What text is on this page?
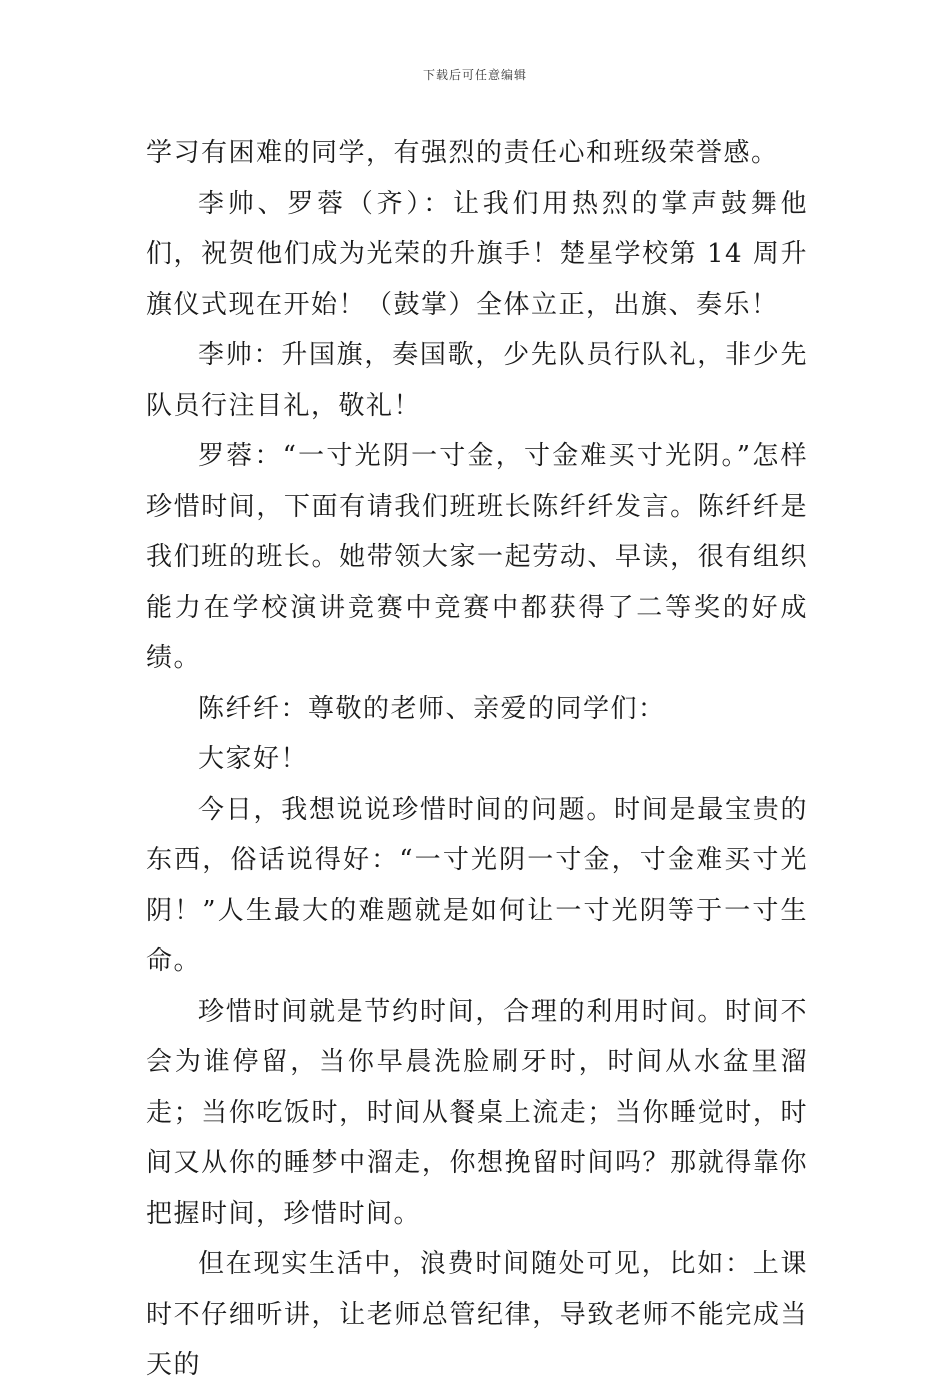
下载后可任意编辑

学习有困难的同学，有强烈的责任心和班级荣誉感。

李帅、罗蓉（齐）：让我们用热烈的掌声鼓舞他们，祝贺他们成为光荣的升旗手！楚星学校第 14 周升旗仪式现在开始！（鼓掌）全体立正，出旗、奏乐！

李帅：升国旗，奏国歌，少先队员行队礼，非少先队员行注目礼，敬礼！

罗蓉：“一寸光阴一寸金，寸金难买寸光阴。”怎样珍惜时间，下面有请我们班班长陈纤纤发言。陈纤纤是我们班的班长。她带领大家一起劳动、早读，很有组织能力在学校演讲竞赛中竞赛中都获得了二等奖的好成绩。

陈纤纤：尊敬的老师、亲爱的同学们：

大家好！

今日，我想说说珍惜时间的问题。时间是最宝贵的东西，俗话说得好：“一寸光阴一寸金，寸金难买寸光阴！”人生最大的难题就是如何让一寸光阴等于一寸生命。

珍惜时间就是节约时间，合理的利用时间。时间不会为谁停留，当你早晨洗脸刷牙时，时间从水盆里溜走；当你吃饭时，时间从餐桌上流走；当你睡觉时，时间又从你的睡梦中溜走，你想挽留时间吗？那就得靠你把握时间，珍惜时间。

但在现实生活中，浪费时间随处可见，比如：上课时不仔细听讲，让老师总管纪律，导致老师不能完成当天的
